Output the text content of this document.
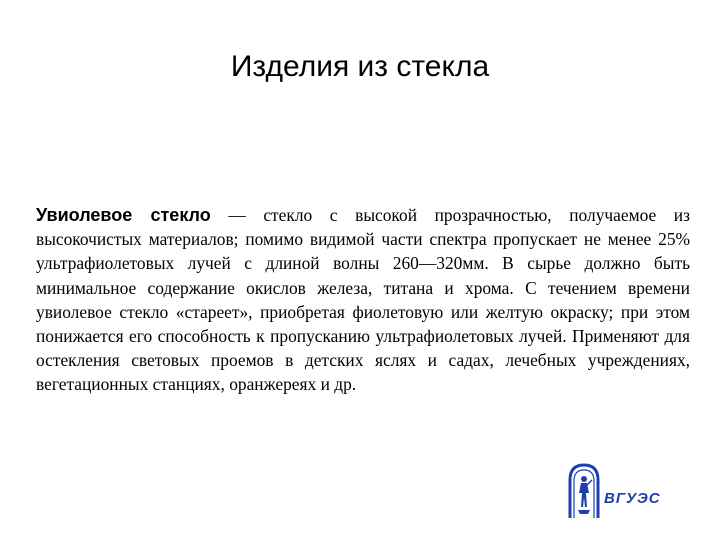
Изделия из стекла

Увиолевое стекло — стекло с высокой прозрачностью, получаемое из высокочистых материалов; помимо видимой части спектра пропускает не менее 25% ультрафиолетовых лучей с длиной волны 260—320мм. В сырье должно быть минимальное содержание окислов железа, титана и хрома. С течением времени увиолевое стекло «стареет», приобретая фиолетовую или желтую окраску; при этом понижается его способность к пропусканию ультрафиолетовых лучей. Применяют для остекления световых проемов в детских яслях и садах, лечебных учреждениях, вегетационных станциях, оранжереях и др.

ВГУЭС
